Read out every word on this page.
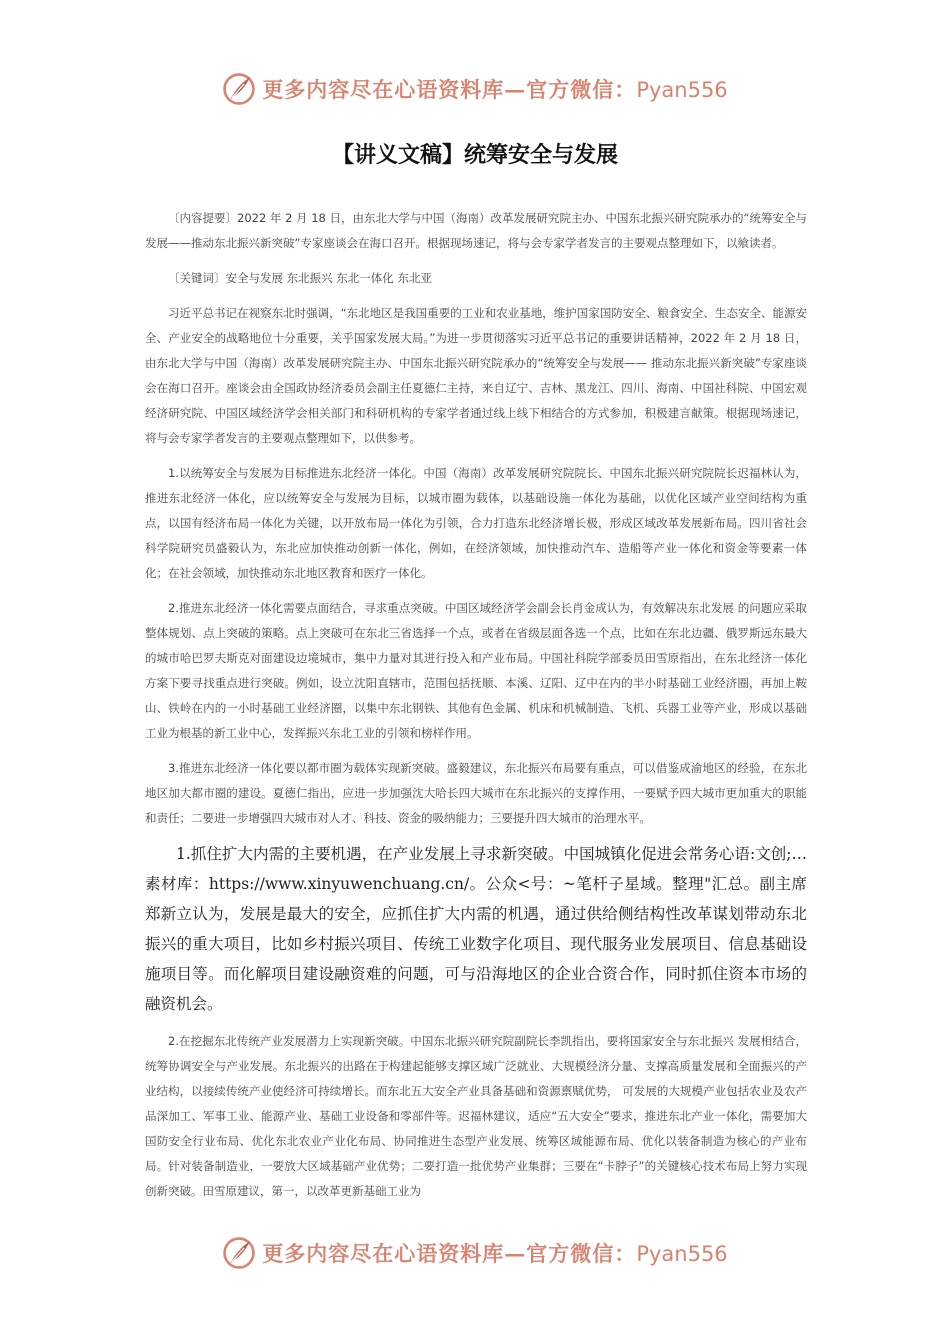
更多内容尽在心语资料库—官方微信：Pyan556
【讲义文稿】统筹安全与发展

〔内容提要〕2022 年 2 月 18 日，由东北大学与中国（海南）改革发展研究院主办、中国东北振兴研究院承办的“统筹安全与发展——推动东北振兴新突破”专家座谈会在海口召开。根据现场速记，将与会专家学者发言的主要观点整理如下，以飨读者。

〔关键词〕安全与发展 东北振兴 东北一体化 东北亚

习近平总书记在视察东北时强调，“东北地区是我国重要的工业和农业基地，维护国家国防安全、粮食安全、生态安全、能源安全、产业安全的战略地位十分重要，关乎国家发展大局。”为进一步贯彻落实习近平总书记的重要讲话精神，2022 年 2 月 18 日，由东北大学与中国（海南）改革发展研究院主办、中国东北振兴研究院承办的“统筹安全与发展—— 推动东北振兴新突破”专家座谈会在海口召开。座谈会由全国政协经济委员会副主任夏德仁主持，来自辽宁、吉林、黑龙江、四川、海南、中国社科院、中国宏观经济研究院、中国区域经济学会相关部门和科研机构的专家学者通过线上线下相结合的方式参加，积极建言献策。根据现场速记，将与会专家学者发言的主要观点整理如下，以供参考。

1.以统筹安全与发展为目标推进东北经济一体化。中国（海南）改革发展研究院院长、中国东北振兴研究院院长迟福林认为，推进东北经济一体化，应以统筹安全与发展为目标，以城市圈为载体，以基础设施一体化为基础，以优化区域产业空间结构为重点，以国有经济布局一体化为关键，以开放布局一体化为引领，合力打造东北经济增长极，形成区域改革发展新布局。四川省社会科学院研究员盛毅认为，东北应加快推动创新一体化，例如，在经济领域，加快推动汽车、造船等产业一体化和资金等要素一体化；在社会领域，加快推动东北地区教育和医疗一体化。

2.推进东北经济一体化需要点面结合，寻求重点突破。中国区域经济学会副会长肖金成认为，有效解决东北发展 的问题应采取整体规划、点上突破的策略。点上突破可在东北三省选择一个点，或者在省级层面各选一个点，比如在东北边疆、俄罗斯远东最大的城市哈巴罗夫斯克对面建设边境城市，集中力量对其进行投入和产业布局。中国社科院学部委员田雪原指出，在东北经济一体化方案下要寻找重点进行突破。例如，设立沈阳直辖市，范围包括抚顺、本溪、辽阳、辽中在内的半小时基础工业经济圈，再加上鞍山、铁岭在内的一小时基础工业经济圈，以集中东北钢铁、其他有色金属、机床和机械制造、飞机、兵器工业等产业，形成以基础工业为根基的新工业中心，发挥振兴东北工业的引领和榜样作用。

3.推进东北经济一体化要以都市圈为载体实现新突破。盛毅建议，东北振兴布局要有重点，可以借鉴成渝地区的经验，在东北地区加大都市圈的建设。夏德仁指出，应进一步加强沈大哈长四大城市在东北振兴的支撑作用，一要赋予四大城市更加重大的职能和责任；二要进一步增强四大城市对人才、科技、资金的吸纳能力；三要提升四大城市的治理水平。

1.抓住扩大内需的主要机遇，在产业发展上寻求新突破。中国城镇化促进会常务心语:文创;…素材库：https://www.xinyuwenchuang.cn/。公众<号：~笔杆子星域。整理"汇总。副主席郑新立认为，发展是最大的安全，应抓住扩大内需的机遇，通过供给侧结构性改革谋划带动东北振兴的重大项目，比如乡村振兴项目、传统工业数字化项目、现代服务业发展项目、信息基础设施项目等。而化解项目建设融资难的问题，可与沿海地区的企业合资合作，同时抓住资本市场的融资机会。

2.在挖掘东北传统产业发展潜力上实现新突破。中国东北振兴研究院副院长李凯指出，要将国家安全与东北振兴 发展相结合，统筹协调安全与产业发展。东北振兴的出路在于构建起能够支撑区域广泛就业、大规模经济分量、支撑高质量发展和全面振兴的产业结构，以接续传统产业使经济可持续增长。而东北五大安全产业具备基础和资源禀赋优势， 可发展的大规模产业包括农业及农产品深加工、军事工业、能源产业、基础工业设备和零部件等。迟福林建议，适应“五大安全”要求，推进东北产业一体化，需要加大国防安全行业布局、优化东北农业产业化布局、协同推进生态型产业发展、统筹区域能源布局、优化以装备制造为核心的产业布局。针对装备制造业，一要放大区域基础产业优势；二要打造一批优势产业集群；三要在“卡脖子”的关键核心技术布局上努力实现创新突破。田雪原建议，第一，以改革更新基础工业为

更多内容尽在心语资料库—官方微信：Pyan556
